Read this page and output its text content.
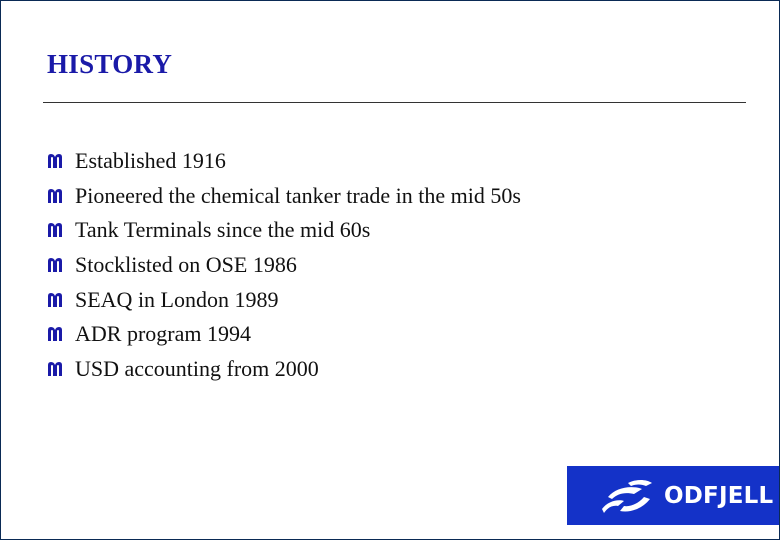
HISTORY
Established 1916
Pioneered the chemical tanker trade in the mid 50s
Tank Terminals since the mid 60s
Stocklisted on OSE 1986
SEAQ in London 1989
ADR program 1994
USD accounting from 2000
ODFJELL
